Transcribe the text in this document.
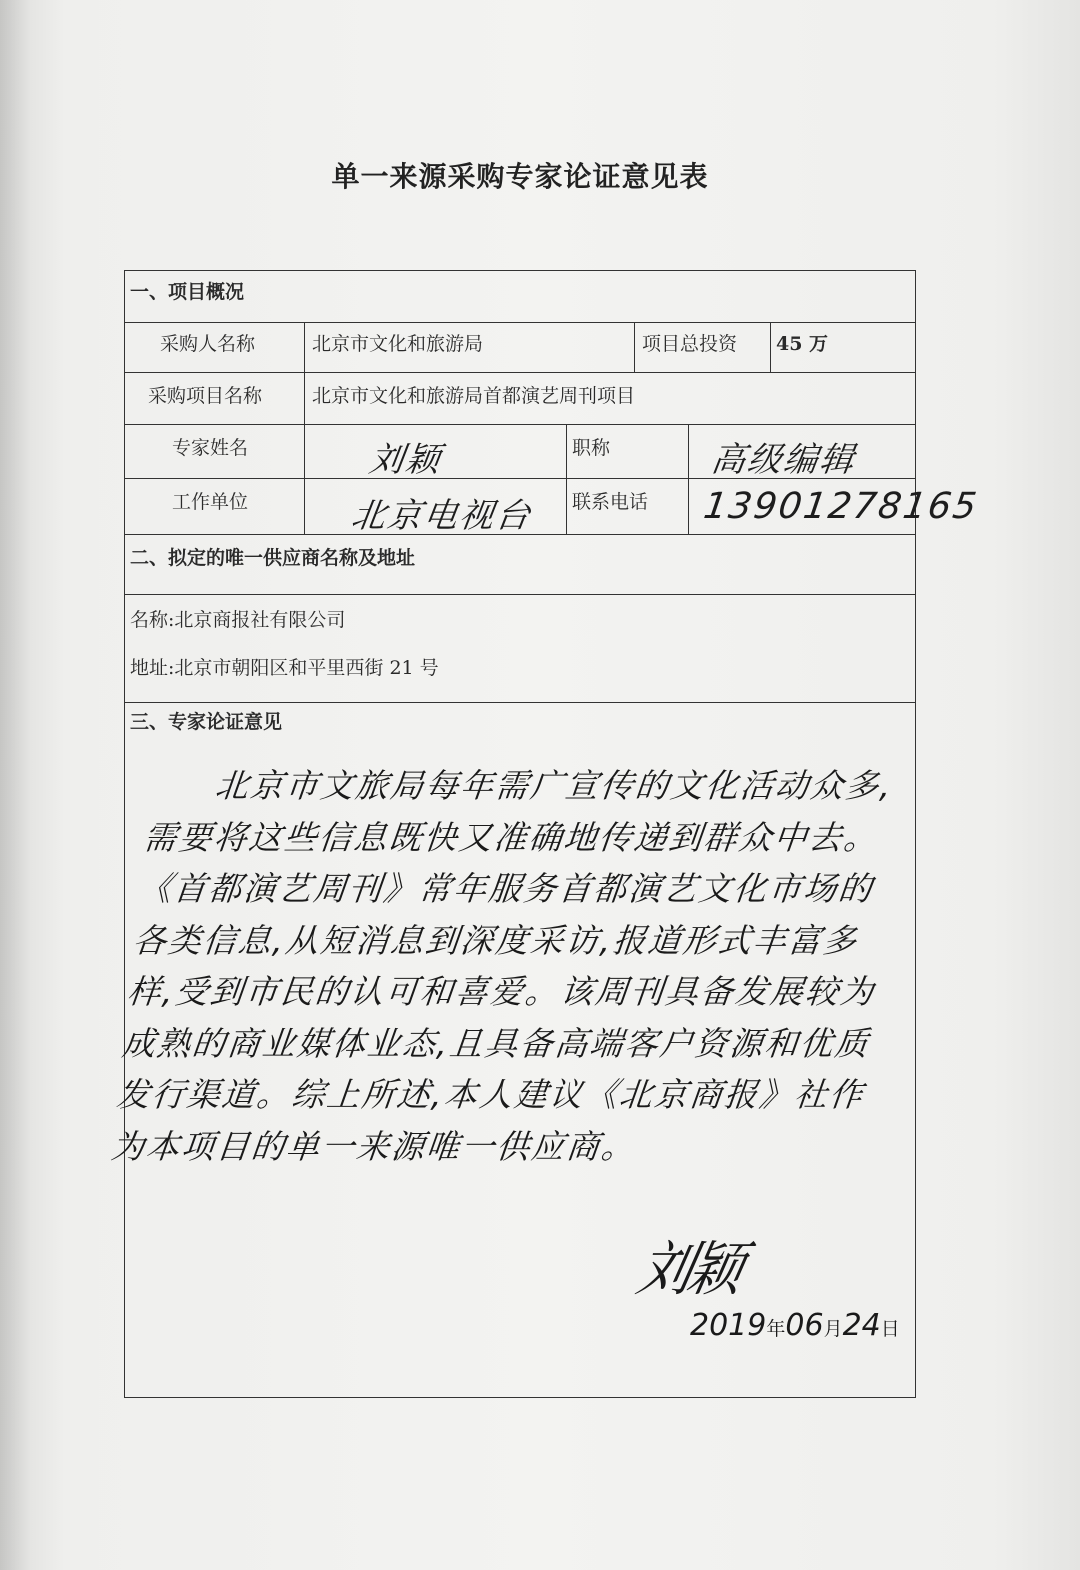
单一来源采购专家论证意见表
一、项目概况
采购人名称	北京市文化和旅游局	项目总投资 45 万
采购项目名称	北京市文化和旅游局首都演艺周刊项目
专家姓名	刘颖	职称	高级编辑
工作单位	北京电视台 联系电话 13901278165
二、拟定的唯一供应商名称及地址
名称:北京商报社有限公司
地址:北京市朝阳区和平里西街 21 号
三、专家论证意见
北京市文旅局每年需广宣传的文化活动众多,需要将这些信息既快又准确地传递到群众中去。《首都演艺周刊》常年服务首都演艺文化市场的各类信息,从短消息到深度采访,报道形式丰富多样,受到市民的认可和喜爱。该周刊具备发展较为成熟的商业媒体业态,且具备高端客户资源和优质发行渠道。综上所述,本人建议《北京商报》社作为本项目的单一来源唯一供应商。
刘颖
2019年06月24日
